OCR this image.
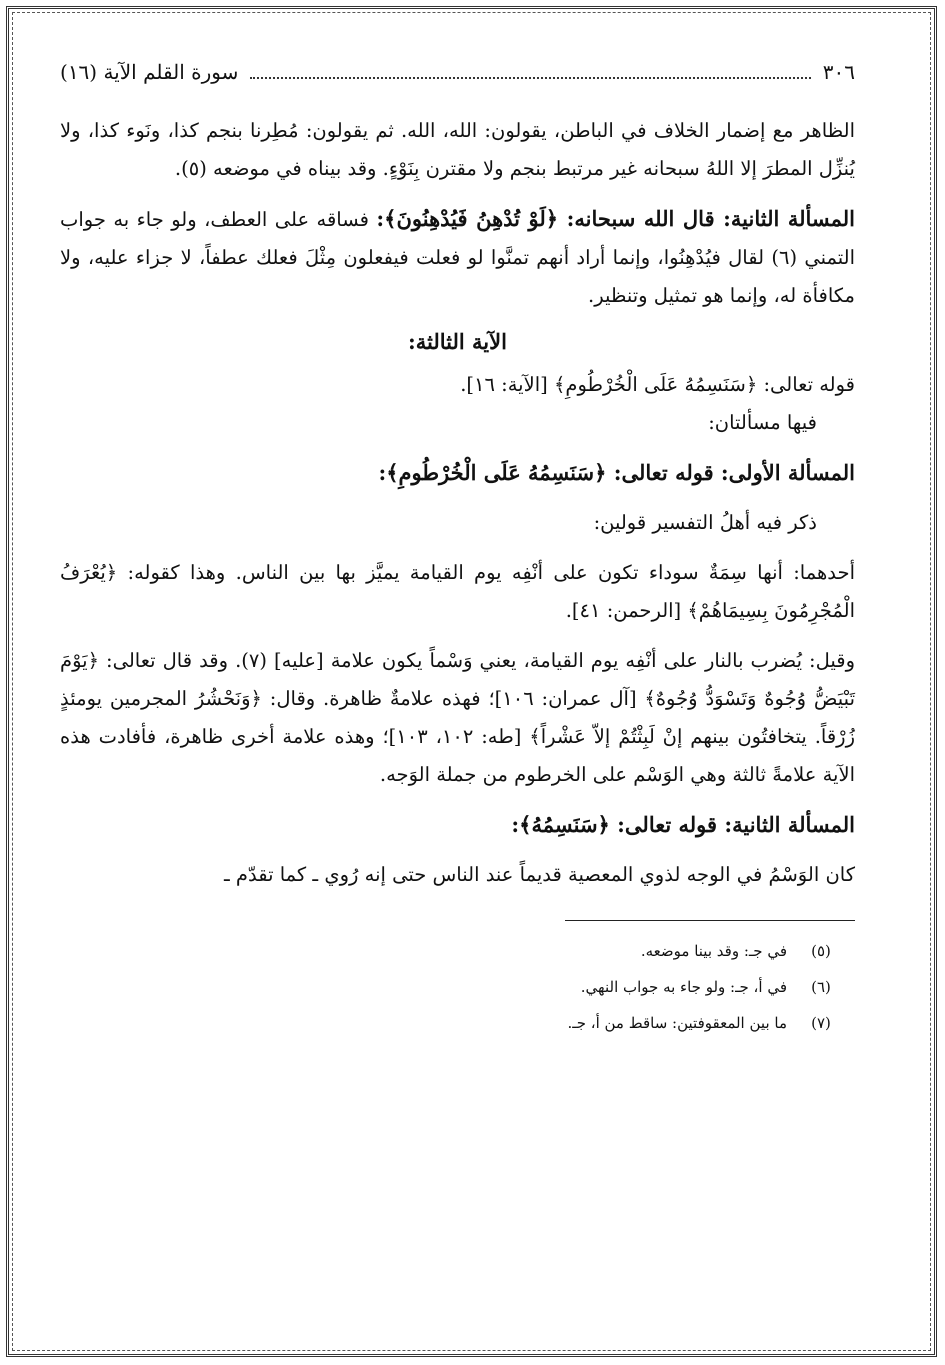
٣٠٦
سورة القلم الآية (١٦)

الظاهر مع إضمار الخلاف في الباطن، يقولون: الله، الله. ثم يقولون: مُطِرنا بنجم كذا، ونَوء كذا، ولا يُنزِّل المطرَ إلا اللهُ سبحانه غير مرتبط بنجم ولا مقترن بِنَوْءٍ. وقد بيناه في موضعه (٥).

المسألة الثانية: قال الله سبحانه: ﴿لَوْ تُدْهِنُ فَيُدْهِنُونَ﴾: فساقه على العطف، ولو جاء به جواب التمني (٦) لقال فيُدْهِنُوا، وإنما أراد أنهم تمنَّوا لو فعلت فيفعلون مِثْلَ فعلك عطفاً، لا جزاء عليه، ولا مكافأة له، وإنما هو تمثيل وتنظير.

الآية الثالثة:

قوله تعالى: ﴿سَنَسِمُهُ عَلَى الْخُرْطُومِ﴾ [الآية: ١٦].

فيها مسألتان:

المسألة الأولى: قوله تعالى: ﴿سَنَسِمُهُ عَلَى الْخُرْطُومِ﴾:

ذكر فيه أهلُ التفسير قولين:

أحدهما: أنها سِمَةٌ سوداء تكون على أنْفِه يوم القيامة يميَّز بها بين الناس. وهذا كقوله: ﴿يُعْرَفُ الْمُجْرِمُونَ بِسِيمَاهُمْ﴾ [الرحمن: ٤١].

وقيل: يُضرب بالنار على أنْفِه يوم القيامة، يعني وَسْماً يكون علامة [عليه] (٧). وقد قال تعالى: ﴿يَوْمَ تَبْيَضُّ وُجُوهٌ وَتَسْوَدُّ وُجُوهٌ﴾ [آل عمران: ١٠٦]؛ فهذه علامةٌ ظاهرة. وقال: ﴿وَنَحْشُرُ المجرمين يومئذٍ زُرْقاً. يتخافتُون بينهم إنْ لَبِثْتُمْ إلاّ عَشْراً﴾ [طه: ١٠٢، ١٠٣]؛ وهذه علامة أخرى ظاهرة، فأفادت هذه الآية علامةً ثالثة وهي الوَسْم على الخرطوم من جملة الوَجه.

المسألة الثانية: قوله تعالى: ﴿سَنَسِمُهُ﴾:

كان الوَسْمُ في الوجه لذوي المعصية قديماً عند الناس حتى إنه رُوي ـ كما تقدّم ـ

(٥)
في جـ: وقد بينا موضعه.
(٦)
في أ، جـ: ولو جاء به جواب النهي.
(٧)
ما بين المعقوفتين: ساقط من أ، جـ.
